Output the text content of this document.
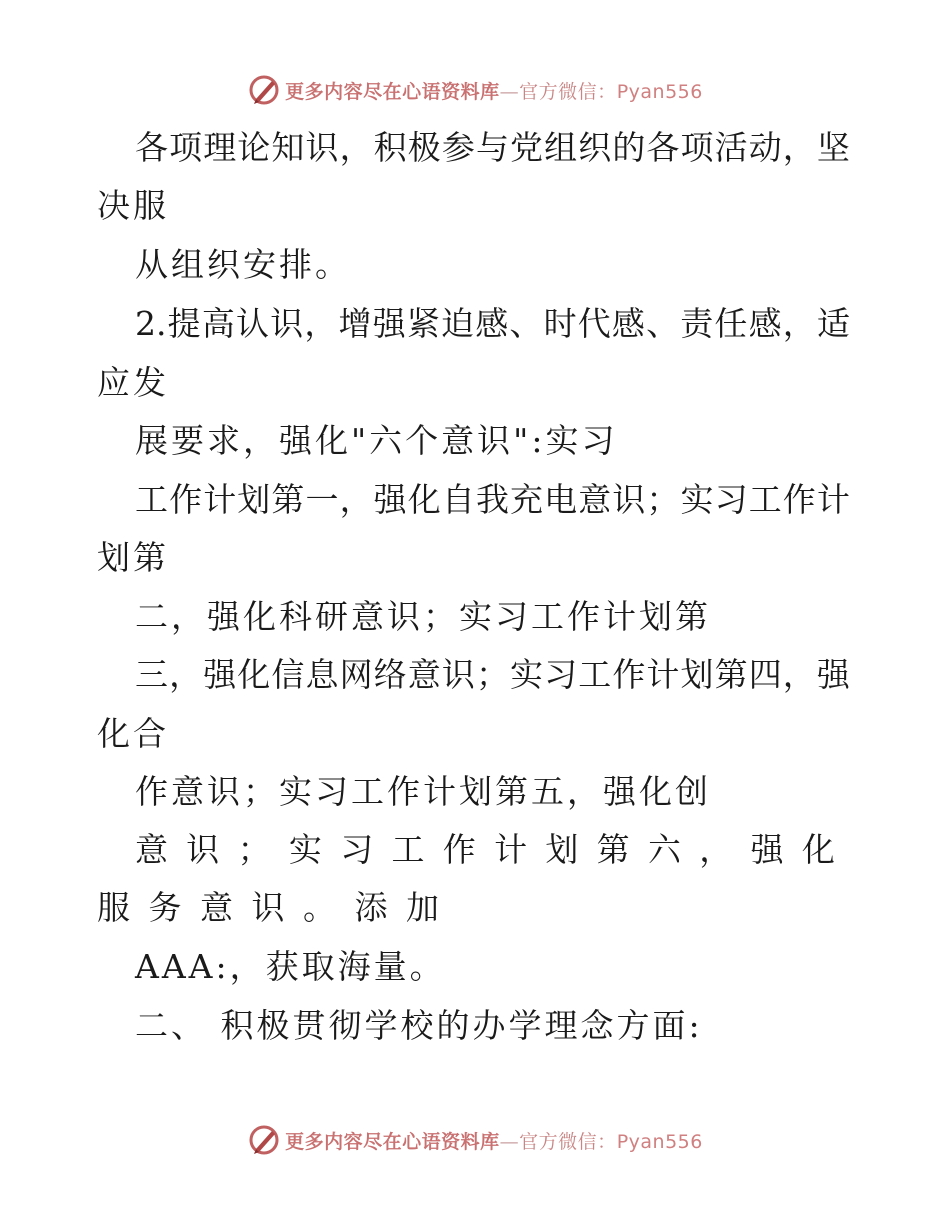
更多内容尽在心语资料库—官方微信：Pyan556
各 项 理 论 知 识 ， 积 极 参 与 党 组 织 的 各 项 活 动 ， 坚
决服
从组织安排。
2. 提 高 认 识 ， 增 强 紧 迫 感 、 时 代 感 、 责 任 感 ， 适
应发
展要求，强化"六个意识":实习
工 作 计 划 第 一 ， 强 化 自 我 充 电 意 识 ； 实 习 工 作 计
划第
二，强化科研意识；实习工作计划第
三 ， 强 化 信 息 网 络 意 识 ； 实 习 工 作 计 划 第 四 ， 强
化合
作意识；实习工作计划第五，强化创
意 识 ； 实 习 工 作 计 划 第 六 ， 强 化
服 务 意 识 。 添 加
AAA:，获取海量。
二、 积极贯彻学校的办学理念方面:
更多内容尽在心语资料库—官方微信：Pyan556
